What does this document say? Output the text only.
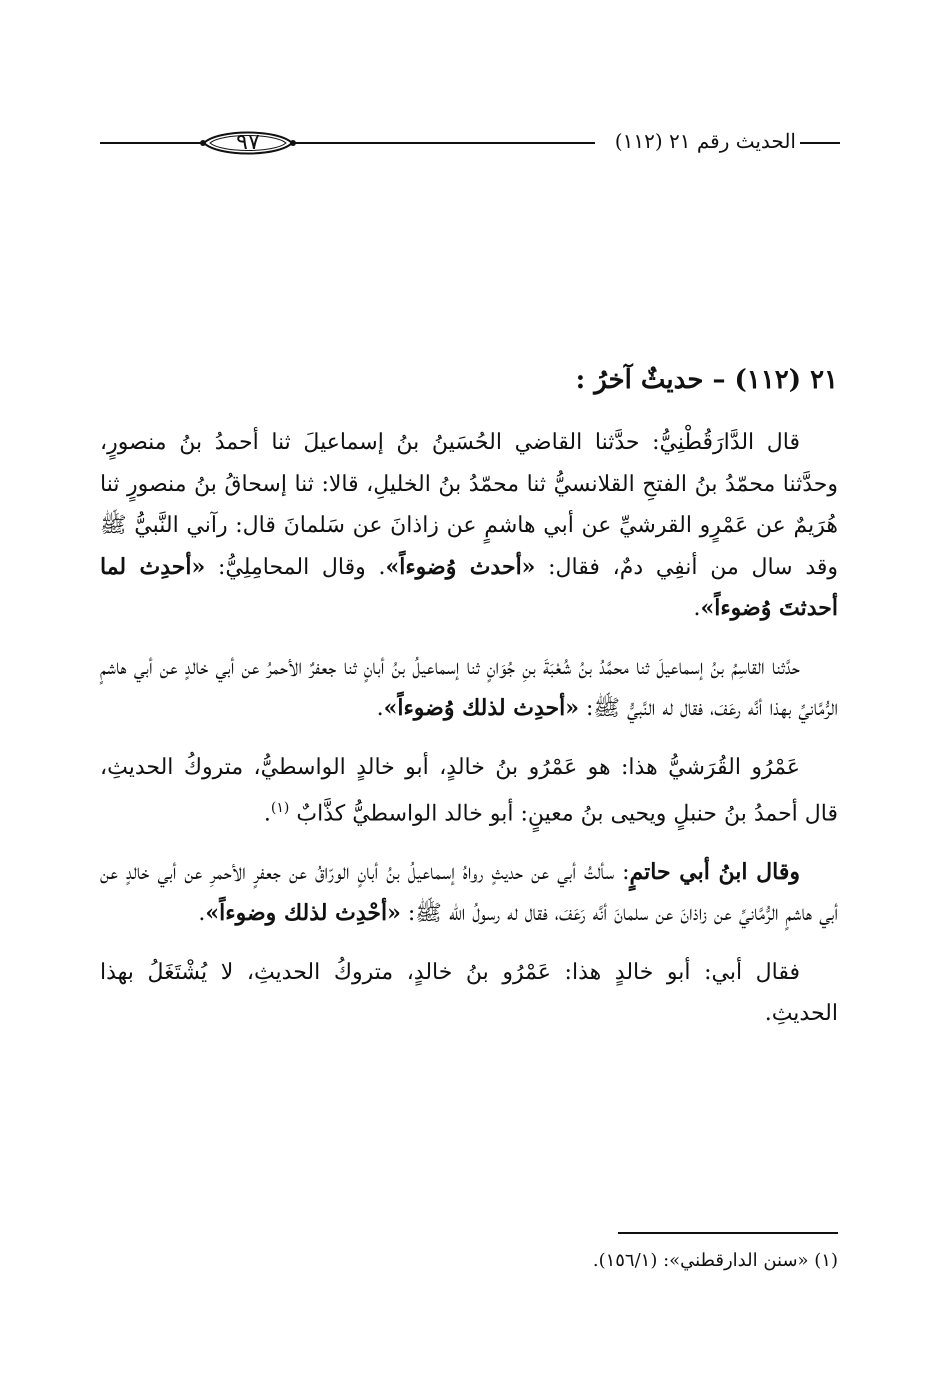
٩٧	الحديث رقم ٢١ (١١٢)
٢١ (١١٢) – حديثٌ آخرُ :

قال الدَّارَقُطْنِيُّ: حدَّثنا القاضي الحُسَينُ بنُ إسماعيلَ ثنا أحمدُ بنُ منصورٍ، وحدَّثنا محمّدُ بنُ الفتحِ القلانسيُّ ثنا محمّدُ بنُ الخليلِ، قالا: ثنا إسحاقُ بنُ منصورٍ ثنا هُرَيمٌ عن عَمْرٍو القرشيِّ عن أبي هاشمٍ عن زاذانَ عن سَلمانَ قال: رآني النَّبيُّ ﷺ وقد سال من أنفِي دمٌ، فقال: «أحدث وُضوءاً». وقال المحامِلِيُّ: «أحدِث لما أحدثتَ وُضوءاً».

حدَّثنا القاسِمُ بنُ إسماعيلَ ثنا محمَّدُ بنُ شُعْبَةَ بنِ جُوَانٍ ثنا إسماعيلُ بنُ أبانٍ ثنا جعفرٌ الأحمرُ عن أبي خالدٍ عن أبي هاشمٍ الرُّمَّانيِّ بهذا أنَّه رعَفَ، فقال له النَّبيُّ ﷺ: «أحدِث لذلك وُضوءاً».

عَمْرُو القُرَشيُّ هذا: هو عَمْرُو بنُ خالدٍ، أبو خالدٍ الواسطيُّ، متروكُ الحديثِ، قال أحمدُ بنُ حنبلٍ ويحيى بنُ معينٍ: أبو خالد الواسطيُّ كذَّابٌ $^{(١)}$.

وقال ابنُ أبي حاتمٍ: سألتُ أبي عن حديثٍ رواهُ إسماعيلُ بنُ أبانٍ الورّاقُ عن جعفرٍ الأحمرِ عن أبي خالدٍ عن أبي هاشمٍ الرُّمَّانيِّ عن زاذانَ عن سلمانَ أنَّه رَعَفَ، فقال له رسولُ الله ﷺ: «أحْدِث لذلك وضوءاً».

فقال أبي: أبو خالدٍ هذا: عَمْرُو بنُ خالدٍ، متروكُ الحديثِ، لا يُشْتَغَلُ بهذا الحديثِ.

(١) «سنن الدارقطني»: (١٥٦/١).
